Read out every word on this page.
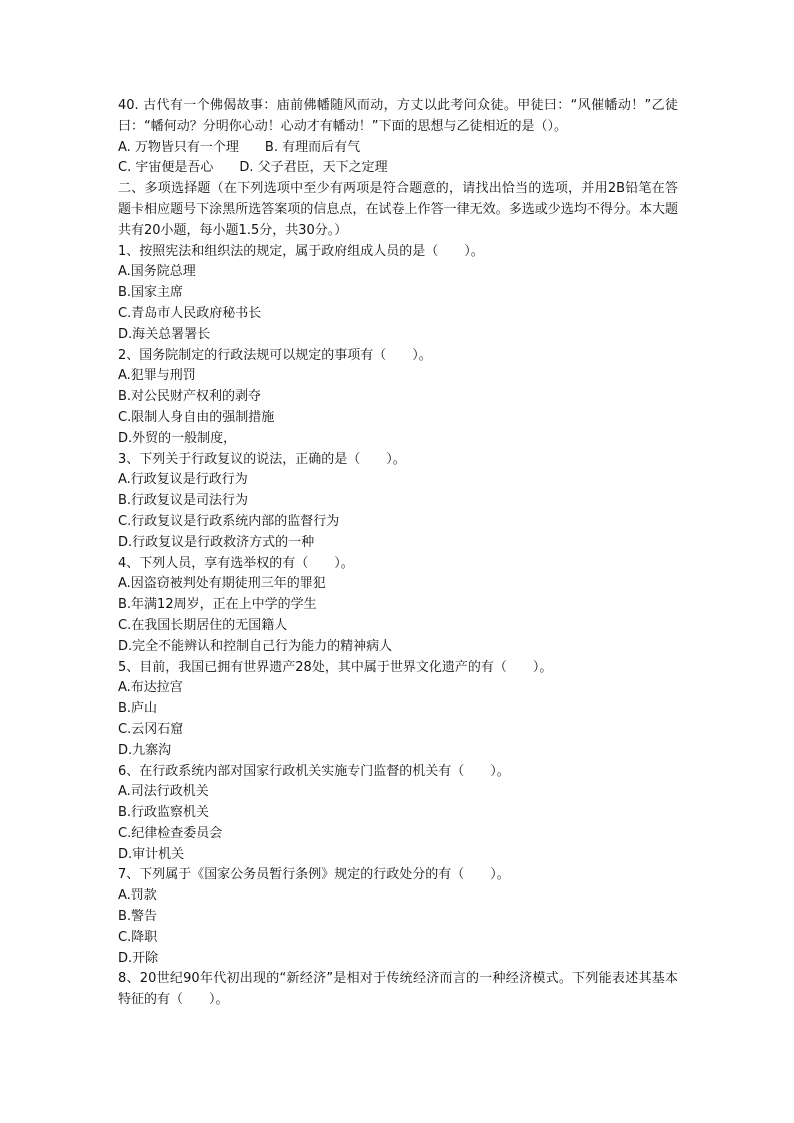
40. 古代有一个佛偈故事：庙前佛幡随风而动，方丈以此考问众徒。甲徒曰：“风催幡动！”乙徒曰：“幡何动？分明你心动！心动才有幡动！”下面的思想与乙徒相近的是（）。
A. 万物皆只有一个理　　B. 有理而后有气
C. 宇宙便是吾心　　D. 父子君臣，天下之定理
二、多项选择题（在下列选项中至少有两项是符合题意的，请找出恰当的选项，并用2B铅笔在答题卡相应题号下涂黑所选答案项的信息点，在试卷上作答一律无效。多选或少选均不得分。本大题共有20小题，每小题1.5分，共30分。）
1、按照宪法和组织法的规定，属于政府组成人员的是（　　）。
A.国务院总理
B.国家主席
C.青岛市人民政府秘书长
D.海关总署署长
2、国务院制定的行政法规可以规定的事项有（　　）。
A.犯罪与刑罚
B.对公民财产权利的剥夺
C.限制人身自由的强制措施
D.外贸的一般制度，
3、下列关于行政复议的说法，正确的是（　　）。
A.行政复议是行政行为
B.行政复议是司法行为
C.行政复议是行政系统内部的监督行为
D.行政复议是行政救济方式的一种
4、下列人员，享有选举权的有（　　）。
A.因盗窃被判处有期徒刑三年的罪犯
B.年满12周岁，正在上中学的学生
C.在我国长期居住的无国籍人
D.完全不能辨认和控制自己行为能力的精神病人
5、目前，我国已拥有世界遗产28处，其中属于世界文化遗产的有（　　）。
A.布达拉宫
B.庐山
C.云冈石窟
D.九寨沟
6、在行政系统内部对国家行政机关实施专门监督的机关有（　　）。
A.司法行政机关
B.行政监察机关
C.纪律检查委员会
D.审计机关
7、下列属于《国家公务员暂行条例》规定的行政处分的有（　　）。
A.罚款
B.警告
C.降职
D.开除
8、20世纪90年代初出现的“新经济”是相对于传统经济而言的一种经济模式。下列能表述其基本特征的有（　　）。
